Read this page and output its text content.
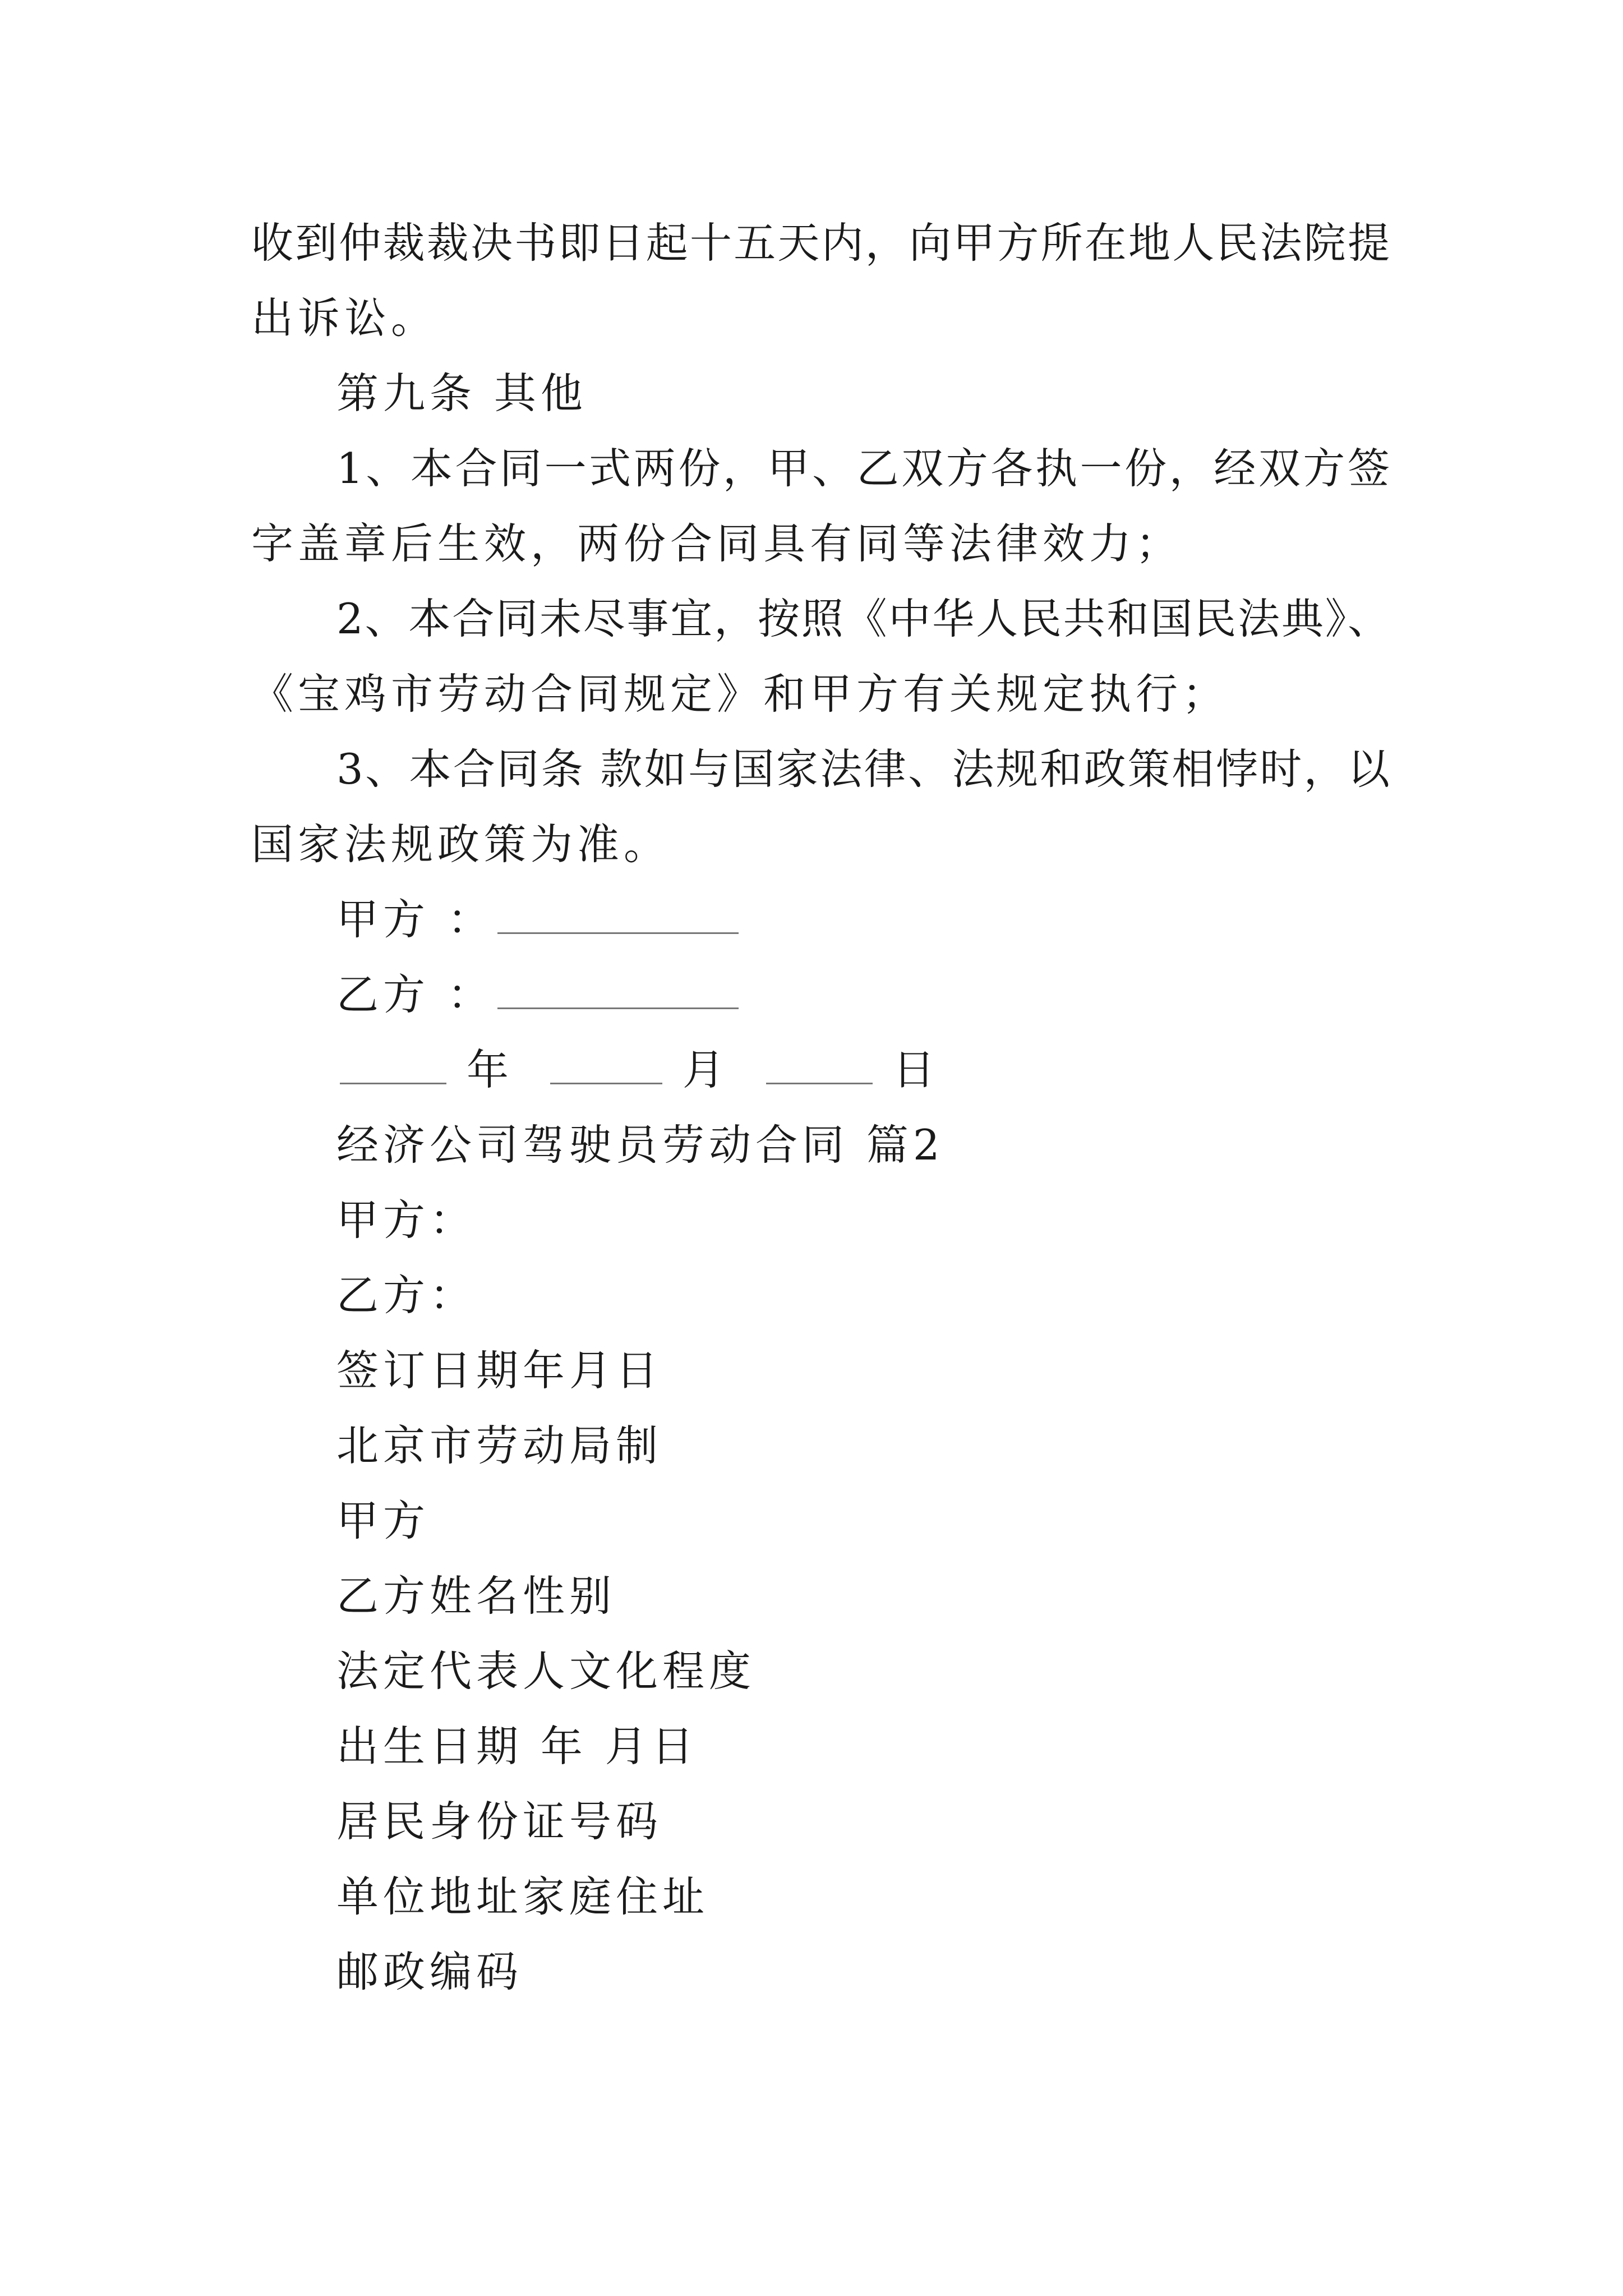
收到仲裁裁决书即日起十五天内，向甲方所在地人民法院提
出诉讼。
第九条 其他
1、本合同一式两份，甲、乙双方各执一份，经双方签
字盖章后生效，两份合同具有同等法律效力；
2、本合同未尽事宜，按照《中华人民共和国民法典》、
《宝鸡市劳动合同规定》和甲方有关规定执行；
3、本合同条 款如与国家法律、法规和政策相悖时，以
国家法规政策为准。
甲方 ：
乙方 ：
年	月	日
经济公司驾驶员劳动合同 篇2
甲方：
乙方：
签订日期年月日
北京市劳动局制
甲方
乙方姓名性别
法定代表人文化程度
出生日期 年 月日
居民身份证号码
单位地址家庭住址
邮政编码
